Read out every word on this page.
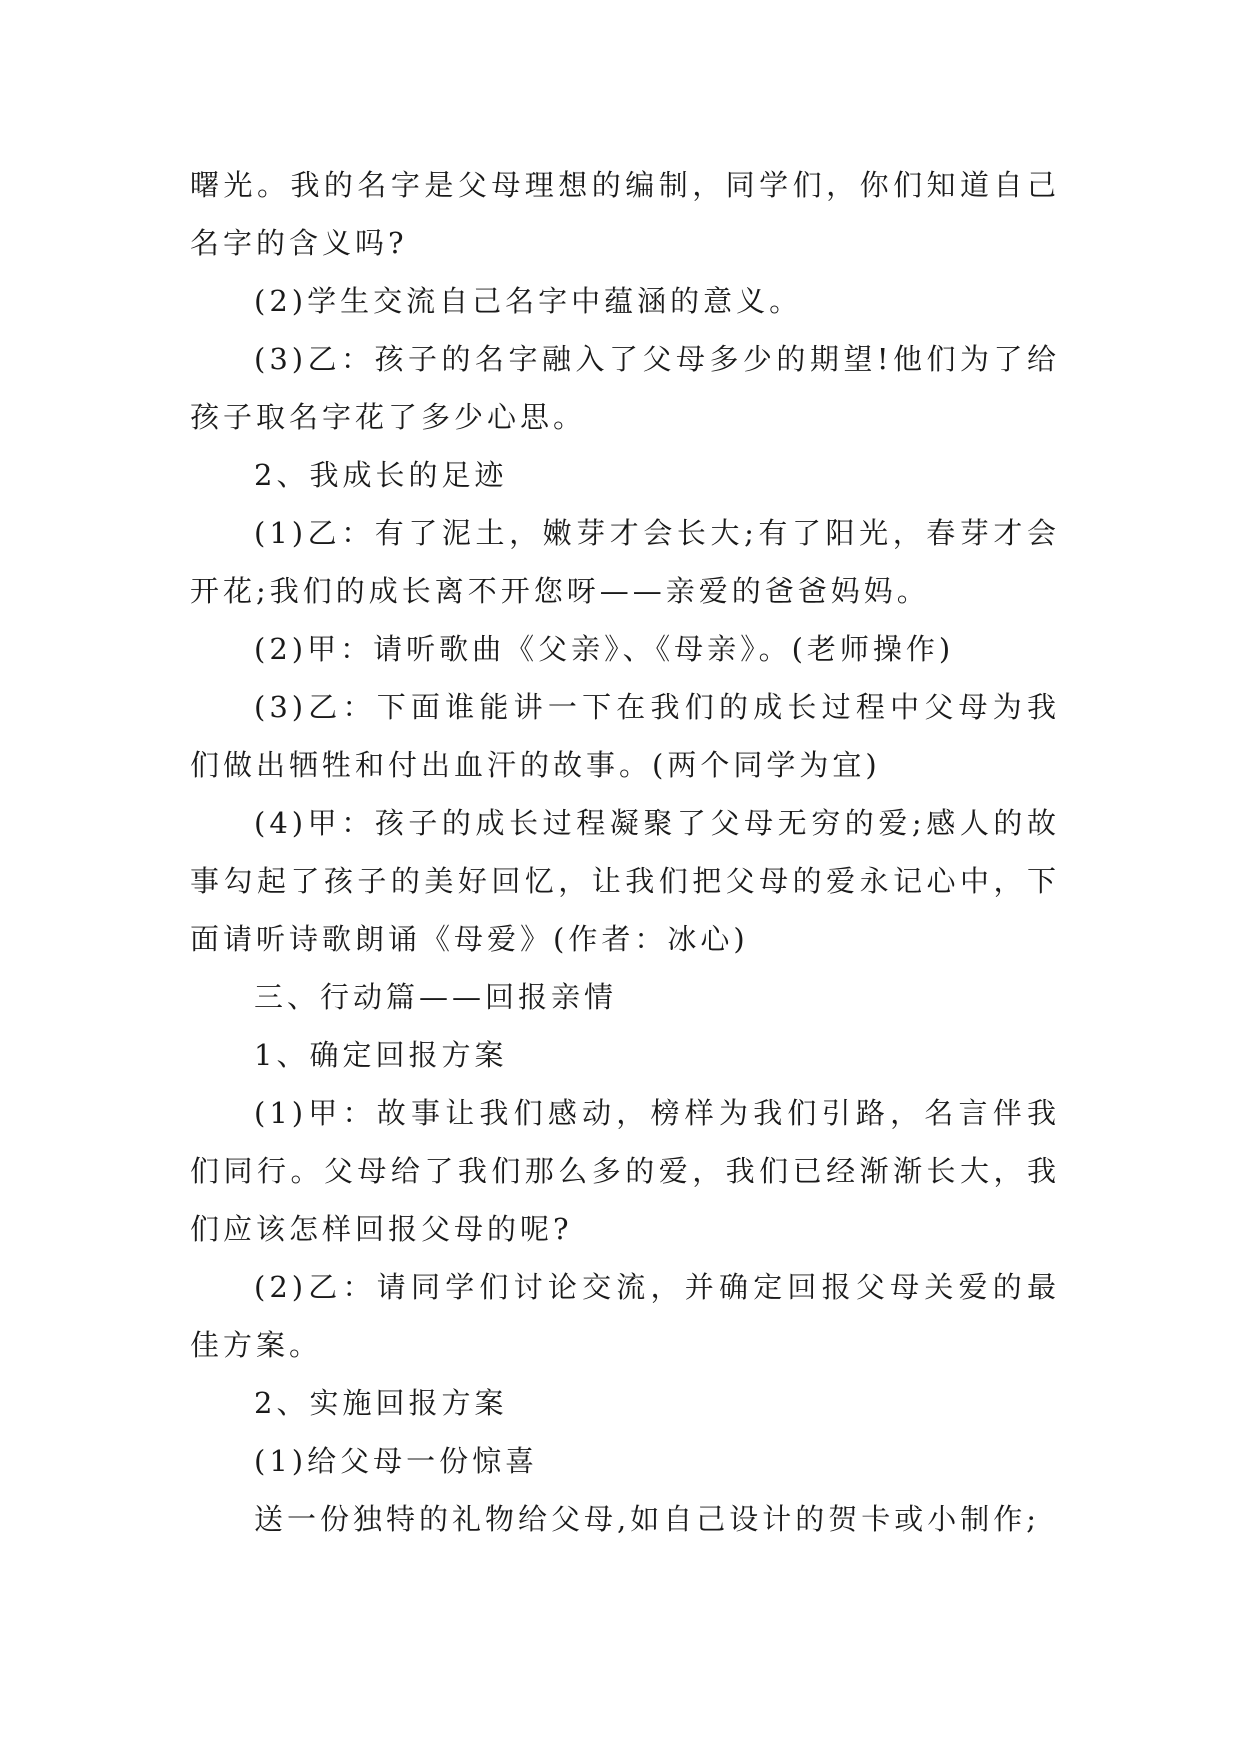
曙光。我的名字是父母理想的编制，同学们，你们知道自己名字的含义吗?

(2)学生交流自己名字中蕴涵的意义。

(3)乙：孩子的名字融入了父母多少的期望!他们为了给孩子取名字花了多少心思。

2、我成长的足迹

(1)乙：有了泥土，嫩芽才会长大;有了阳光，春芽才会开花;我们的成长离不开您呀——亲爱的爸爸妈妈。

(2)甲：请听歌曲《父亲》、《母亲》。(老师操作)

(3)乙：下面谁能讲一下在我们的成长过程中父母为我们做出牺牲和付出血汗的故事。(两个同学为宜)

(4)甲：孩子的成长过程凝聚了父母无穷的爱;感人的故事勾起了孩子的美好回忆，让我们把父母的爱永记心中，下面请听诗歌朗诵《母爱》(作者：冰心)

三、行动篇——回报亲情

1、确定回报方案

(1)甲：故事让我们感动，榜样为我们引路，名言伴我们同行。父母给了我们那么多的爱，我们已经渐渐长大，我们应该怎样回报父母的呢?

(2)乙：请同学们讨论交流，并确定回报父母关爱的最佳方案。

2、实施回报方案

(1)给父母一份惊喜

送一份独特的礼物给父母,如自己设计的贺卡或小制作;
